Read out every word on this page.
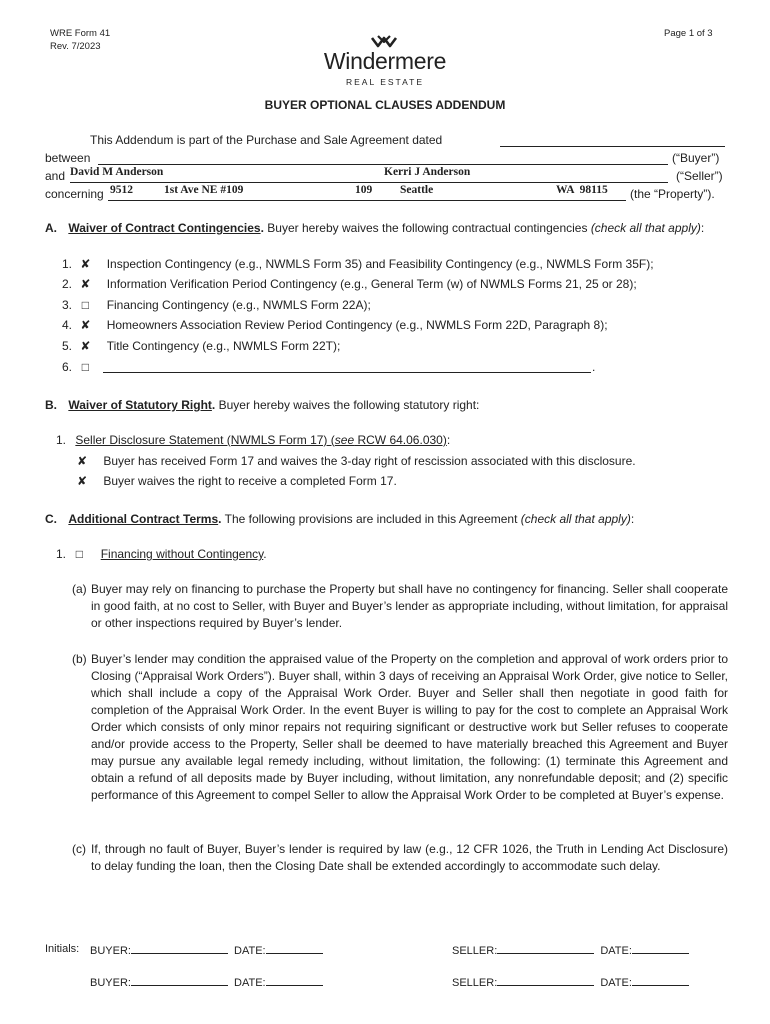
WRE Form 41
Rev. 7/2023
Page 1 of 3
Windermere
REAL ESTATE
BUYER OPTIONAL CLAUSES ADDENDUM
This Addendum is part of the Purchase and Sale Agreement dated
between	(“Buyer”)
and David M Anderson	Kerri J Anderson	(“Seller”)
concerning 9512	1st Ave NE #109	109 Seattle	WA  98115 (the “Property”).
A. Waiver of Contract Contingencies. Buyer hereby waives the following contractual contingencies (check all that apply):
1. ✘ Inspection Contingency (e.g., NWMLS Form 35) and Feasibility Contingency (e.g., NWMLS Form 35F);
2. ✘ Information Verification Period Contingency (e.g., General Term (w) of NWMLS Forms 21, 25 or 28);
3. □ Financing Contingency (e.g., NWMLS Form 22A);
4. ✘ Homeowners Association Review Period Contingency (e.g., NWMLS Form 22D, Paragraph 8);
5. ✘ Title Contingency (e.g., NWMLS Form 22T);
6. □	.
B. Waiver of Statutory Right. Buyer hereby waives the following statutory right:
1. Seller Disclosure Statement (NWMLS Form 17) (see RCW 64.06.030):
✘ Buyer has received Form 17 and waives the 3-day right of rescission associated with this disclosure.
✘ Buyer waives the right to receive a completed Form 17.
C. Additional Contract Terms. The following provisions are included in this Agreement (check all that apply):
1. □ Financing without Contingency.
(a) Buyer may rely on financing to purchase the Property but shall have no contingency for financing. Seller shall cooperate in good faith, at no cost to Seller, with Buyer and Buyer’s lender as appropriate including, without limitation, for appraisal or other inspections required by Buyer’s lender.
(b) Buyer’s lender may condition the appraised value of the Property on the completion and approval of work orders prior to Closing (“Appraisal Work Orders”). Buyer shall, within 3 days of receiving an Appraisal Work Order, give notice to Seller, which shall include a copy of the Appraisal Work Order. Buyer and Seller shall then negotiate in good faith for completion of the Appraisal Work Order. In the event Buyer is willing to pay for the cost to complete an Appraisal Work Order which consists of only minor repairs not requiring significant or destructive work but Seller refuses to cooperate and/or provide access to the Property, Seller shall be deemed to have materially breached this Agreement and Buyer may pursue any available legal remedy including, without limitation, the following: (1) terminate this Agreement and obtain a refund of all deposits made by Buyer including, without limitation, any nonrefundable deposit; and (2) specific performance of this Agreement to compel Seller to allow the Appraisal Work Order to be completed at Buyer’s expense.
(c) If, through no fault of Buyer, Buyer’s lender is required by law (e.g., 12 CFR 1026, the Truth in Lending Act Disclosure) to delay funding the loan, then the Closing Date shall be extended accordingly to accommodate such delay.
Initials: BUYER:	DATE:	SELLER:	DATE:
BUYER:	DATE:	SELLER:	DATE:
